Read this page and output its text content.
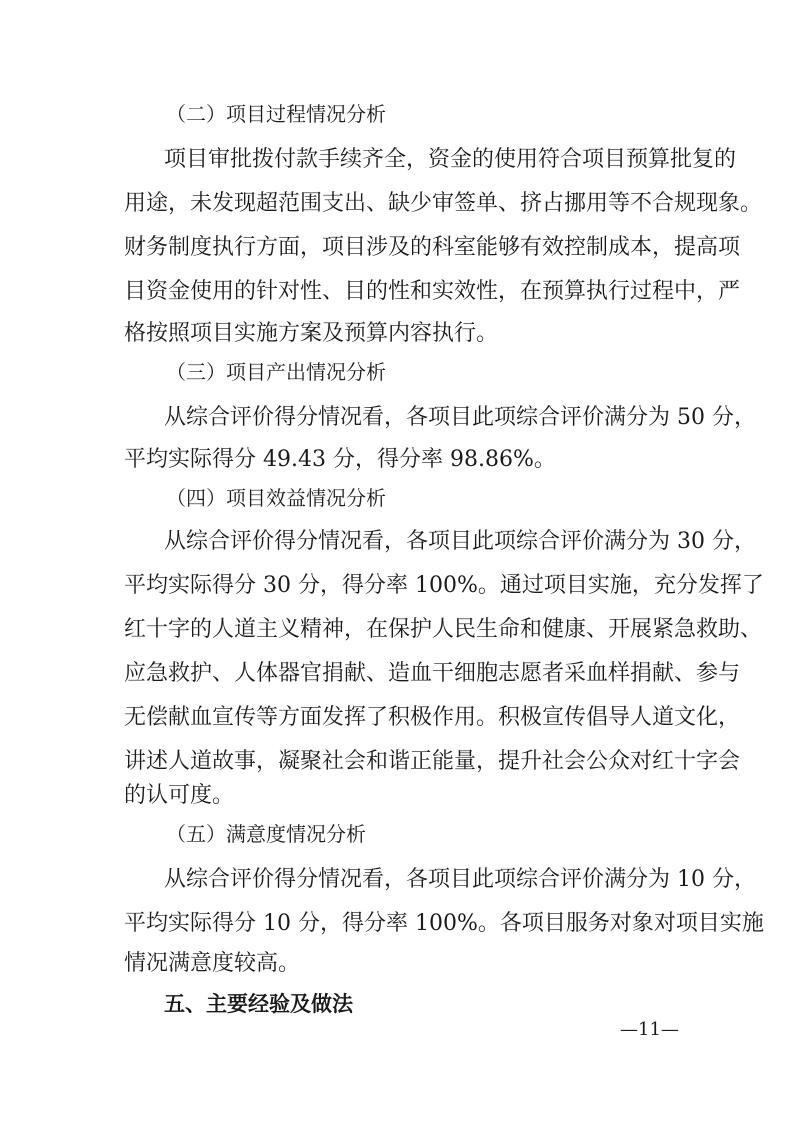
（二）项目过程情况分析

项目审批拨付款手续齐全，资金的使用符合项目预算批复的

用途，未发现超范围支出、缺少审签单、挤占挪用等不合规现象。

财务制度执行方面，项目涉及的科室能够有效控制成本，提高项

目资金使用的针对性、目的性和实效性，在预算执行过程中，严

格按照项目实施方案及预算内容执行。

（三）项目产出情况分析

从综合评价得分情况看，各项目此项综合评价满分为 50 分，

平均实际得分 49.43 分，得分率 98.86%。

（四）项目效益情况分析

从综合评价得分情况看，各项目此项综合评价满分为 30 分，

平均实际得分 30 分，得分率 100%。通过项目实施，充分发挥了

红十字的人道主义精神，在保护人民生命和健康、开展紧急救助、

应急救护、人体器官捐献、造血干细胞志愿者采血样捐献、参与

无偿献血宣传等方面发挥了积极作用。积极宣传倡导人道文化，

讲述人道故事，凝聚社会和谐正能量，提升社会公众对红十字会

的认可度。

（五）满意度情况分析

从综合评价得分情况看，各项目此项综合评价满分为 10 分，

平均实际得分 10 分，得分率 100%。各项目服务对象对项目实施

情况满意度较高。

五、主要经验及做法

—11—
